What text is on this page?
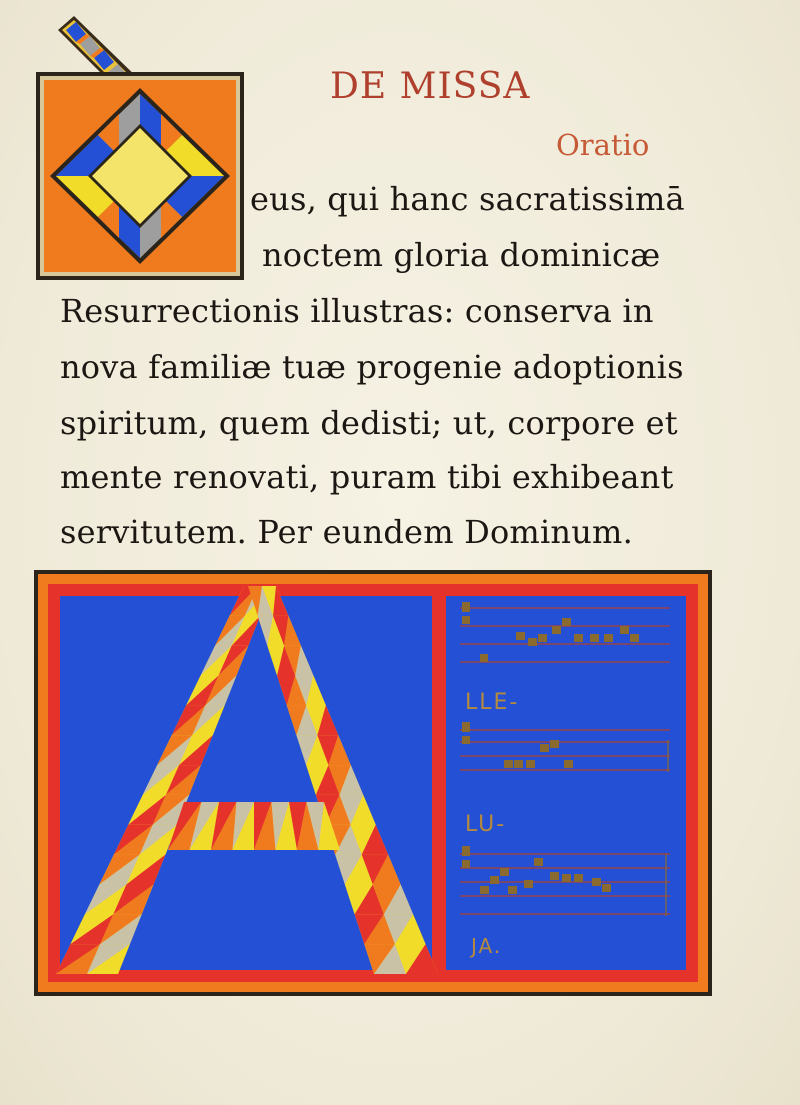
DE MISSA
Oratio
eus, qui hanc sacratissimā
noctem gloria dominicæ
Resurrectionis illustras: conserva in
nova familiæ tuæ progenie adoptionis
spiritum, quem dedisti; ut, corpore et
mente renovati, puram tibi exhibeant
servitutem. Per eundem Dominum.
LLE-
LU-
JA.
